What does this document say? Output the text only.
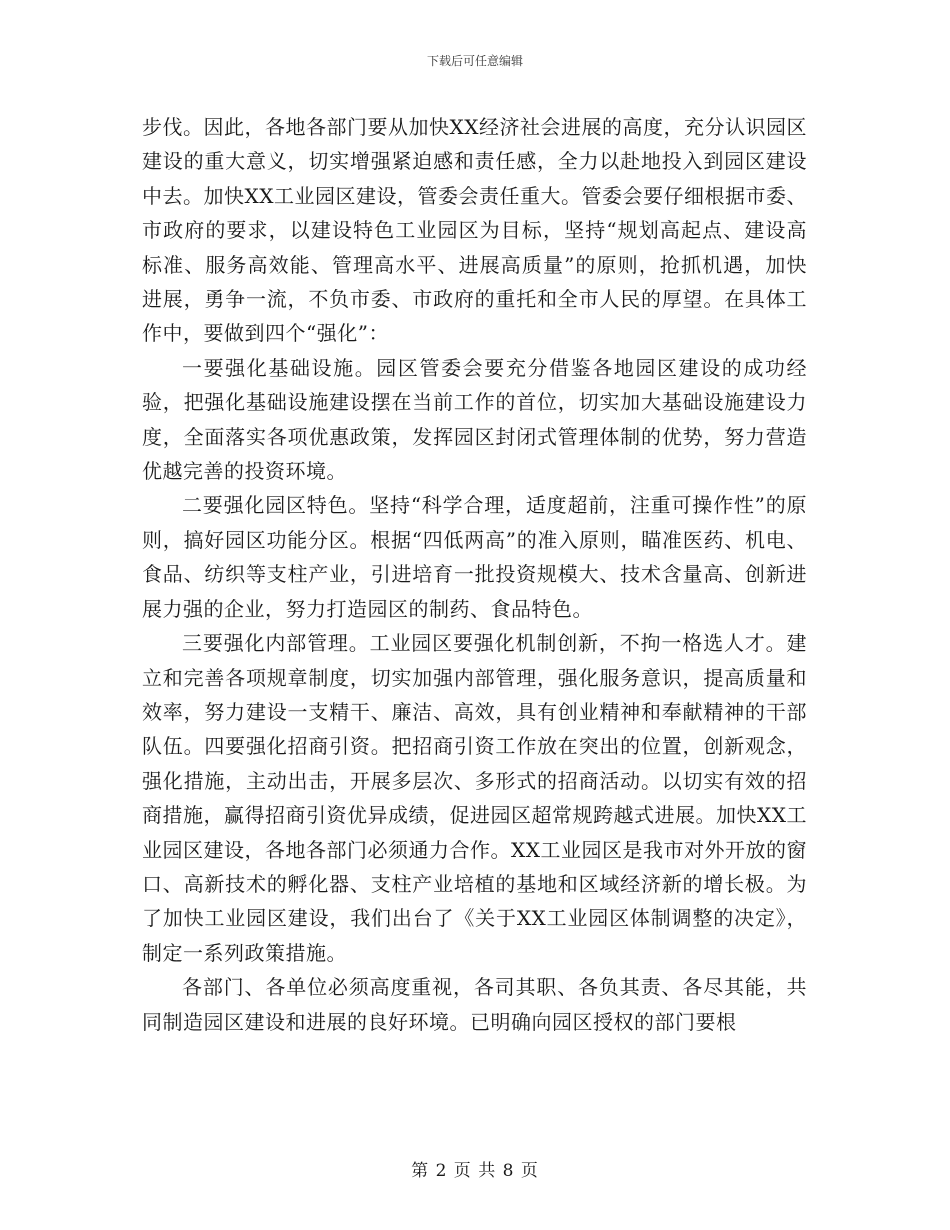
下载后可任意编辑

步伐。因此，各地各部门要从加快XX经济社会进展的高度，充分认识园区建设的重大意义，切实增强紧迫感和责任感，全力以赴地投入到园区建设中去。加快XX工业园区建设，管委会责任重大。管委会要仔细根据市委、市政府的要求，以建设特色工业园区为目标，坚持“规划高起点、建设高标准、服务高效能、管理高水平、进展高质量”的原则，抢抓机遇，加快进展，勇争一流，不负市委、市政府的重托和全市人民的厚望。在具体工作中，要做到四个“强化”：

一要强化基础设施。园区管委会要充分借鉴各地园区建设的成功经验，把强化基础设施建设摆在当前工作的首位，切实加大基础设施建设力度，全面落实各项优惠政策，发挥园区封闭式管理体制的优势，努力营造优越完善的投资环境。

二要强化园区特色。坚持“科学合理，适度超前，注重可操作性”的原则，搞好园区功能分区。根据“四低两高”的准入原则，瞄准医药、机电、食品、纺织等支柱产业，引进培育一批投资规模大、技术含量高、创新进展力强的企业，努力打造园区的制药、食品特色。

三要强化内部管理。工业园区要强化机制创新，不拘一格选人才。建立和完善各项规章制度，切实加强内部管理，强化服务意识，提高质量和效率，努力建设一支精干、廉洁、高效，具有创业精神和奉献精神的干部队伍。四要强化招商引资。把招商引资工作放在突出的位置，创新观念，强化措施，主动出击，开展多层次、多形式的招商活动。以切实有效的招商措施，赢得招商引资优异成绩，促进园区超常规跨越式进展。加快XX工业园区建设，各地各部门必须通力合作。XX工业园区是我市对外开放的窗口、高新技术的孵化器、支柱产业培植的基地和区域经济新的增长极。为了加快工业园区建设，我们出台了《关于XX工业园区体制调整的决定》，制定一系列政策措施。

各部门、各单位必须高度重视，各司其职、各负其责、各尽其能，共同制造园区建设和进展的良好环境。已明确向园区授权的部门要根

第 2 页 共 8 页
